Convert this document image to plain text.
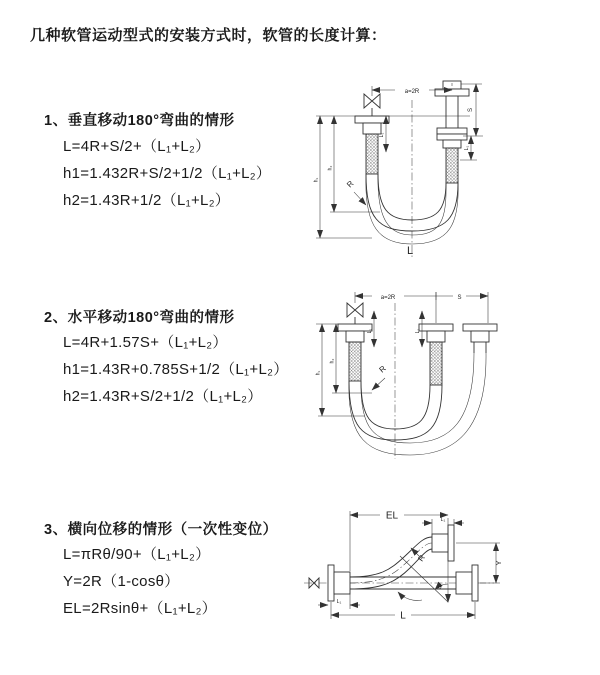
几种软管运动型式的安装方式时，软管的长度计算：
1、垂直移动180°弯曲的情形
L=4R+S/2+（L₁+L₂）
h1=1.432R+S/2+1/2（L₁+L₂）
h2=1.43R+1/2（L₁+L₂）
2、水平移动180°弯曲的情形
L=4R+1.57S+（L₁+L₂）
h1=1.43R+0.785S+1/2（L₁+L₂）
h2=1.43R+S/2+1/2（L₁+L₂）
3、横向位移的情形（一次性变位）
L=πRθ/90+（L₁+L₂）
Y=2R（1-cosθ）
EL=2Rsinθ+（L₁+L₂）
a=2R
S
L₁
h₁
h₂
L₁
R
L
a=2R	S
h₁
h₂
L₁	L₁
R
θ
EL	L₁
Y
L
L₁
R
